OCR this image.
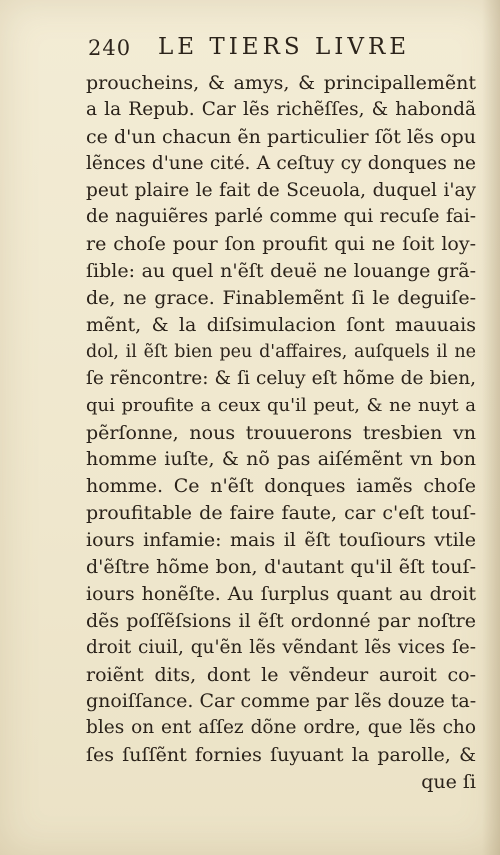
240 LE TIERS LIVRE
proucheins, & amys, & principallemẽnt
a la Repub. Car lẽs richẽſſes, & habondã
ce d'un chacun ẽn particulier ſõt lẽs opu
lẽnces d'une cité. A ceſtuy cy donques ne
peut plaire le fait de Sceuola, duquel i'ay
de naguiẽres parlé comme qui recuſe fai-
re choſe pour ſon proufit qui ne ſoit loy-
ſible: au quel n'ẽſt deuë ne louange grã-
de, ne grace. Finablemẽnt ſi le deguiſe-
mẽnt, & la diſsimulacion ſont mauuais
dol, il ẽſt bien peu d'affaires, auſquels il ne
ſe rẽncontre: & ſi celuy eſt hõme de bien,
qui proufite a ceux qu'il peut, & ne nuyt a
pẽrſonne, nous trouuerons tresbien vn
homme iuſte, & nõ pas aiſémẽnt vn bon
homme. Ce n'ẽſt donques iamẽs choſe
proufitable de faire faute, car c'eſt touſ-
iours infamie: mais il ẽſt touſiours vtile
d'ẽſtre hõme bon, d'autant qu'il ẽſt touſ-
iours honẽſte. Au ſurplus quant au droit
dẽs poſſẽſsions il ẽſt ordonné par noſtre
droit ciuil, qu'ẽn lẽs vẽndant lẽs vices ſe-
roiẽnt dits, dont le vẽndeur auroit co-
gnoiſſance. Car comme par lẽs douze ta-
bles on ent aſſez dõne ordre, que lẽs cho
ſes ſuſſẽnt fornies ſuyuant la parolle, &
que ſi
